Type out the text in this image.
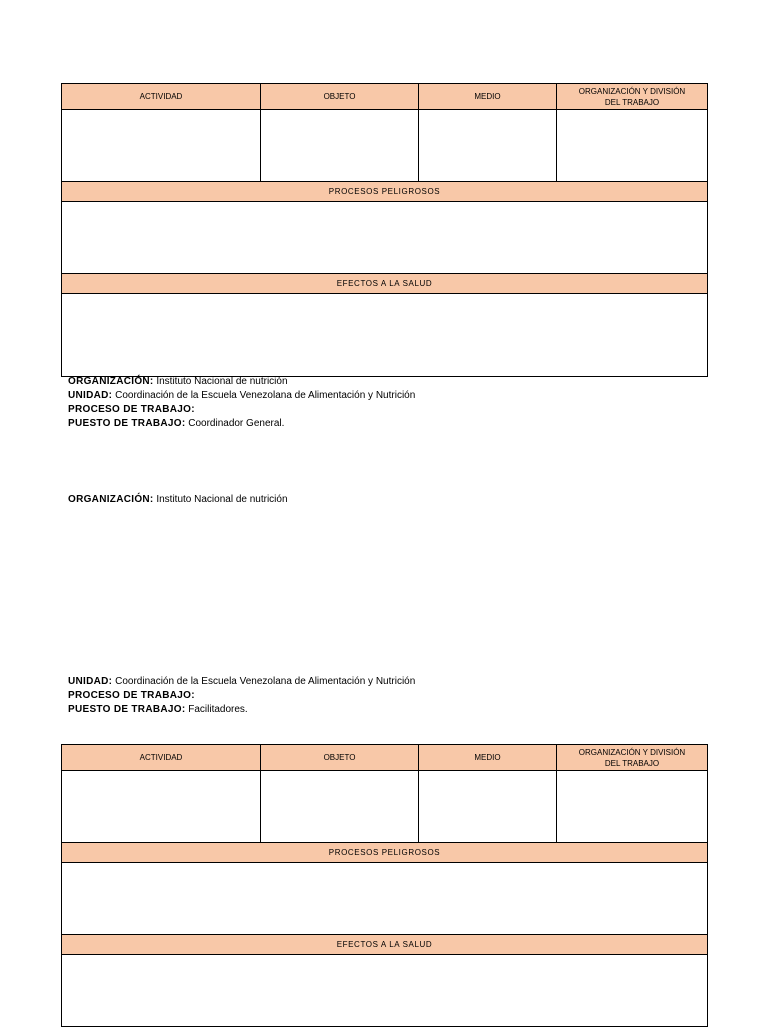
ACTIVIDAD	OBJETO	MEDIO	ORGANIZACIÓN Y DIVISIÓN
DEL TRABAJO

PROCESOS PELIGROSOS			

EFECTOS A LA SALUD			

ORGANIZACIÓN: Instituto Nacional de nutrición
UNIDAD: Coordinación de la Escuela Venezolana de Alimentación y Nutrición
PROCESO DE TRABAJO:
PUESTO DE TRABAJO: Coordinador General.
ORGANIZACIÓN: Instituto Nacional de nutrición
UNIDAD: Coordinación de la Escuela Venezolana de Alimentación y Nutrición
PROCESO DE TRABAJO:
PUESTO DE TRABAJO: Facilitadores.
ACTIVIDAD	OBJETO	MEDIO	ORGANIZACIÓN Y DIVISIÓN
DEL TRABAJO

PROCESOS PELIGROSOS			

EFECTOS A LA SALUD			
